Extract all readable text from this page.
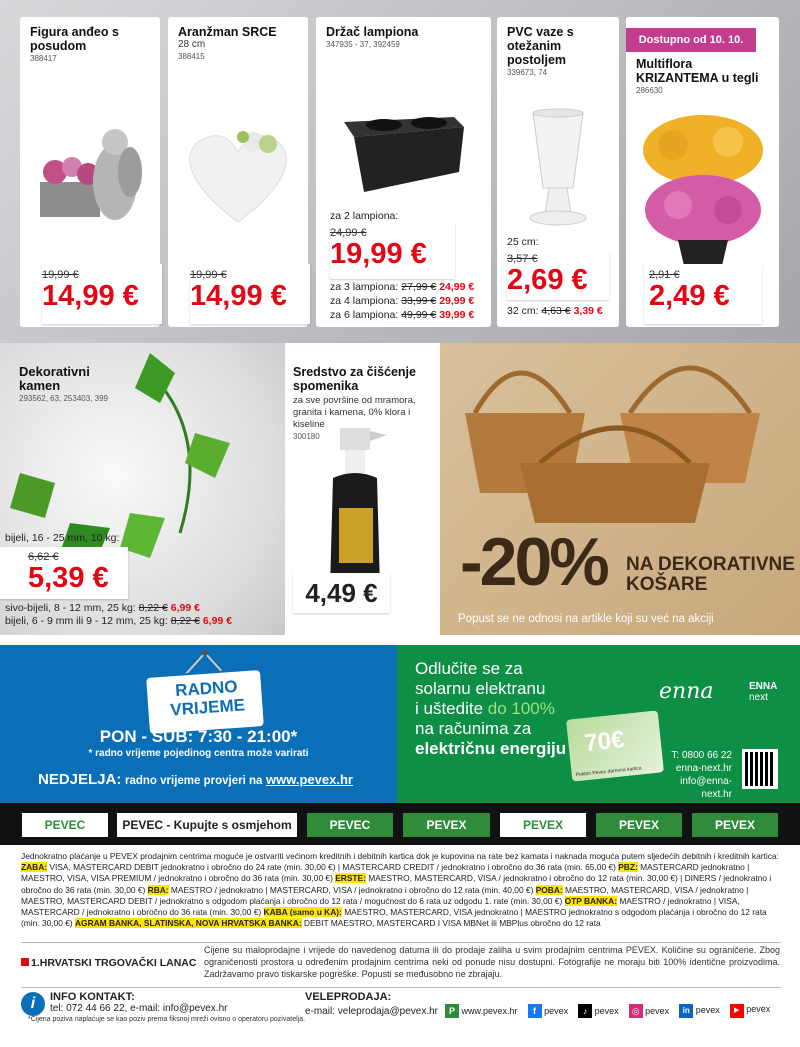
Figura anđeo s posudom
388417
19,99 €
14,99 €
Aranžman SRCE
28 cm
388415
19,99 €
14,99 €
Držač lampiona
347935 - 37, 392459
za 2 lampiona:
24,99 €
19,99 €
za 3 lampiona: 27,99 € 24,99 €
za 4 lampiona: 33,99 € 29,99 €
za 6 lampiona: 49,99 € 39,99 €
PVC vaze s otežanim postoljem
339673, 74
25 cm:
3,57 €
2,69 €
32 cm: 4,63 € 3,39 €
Multiflora KRIZANTEMA u tegli
286630
2,91 €
2,49 €
Dostupno od 10. 10.
Dekorativni kamen
293562, 63, 253403, 399
bijeli, 16 - 25 mm, 10 kg:
6,62 €
5,39 €
sivo-bijeli, 8 - 12 mm, 25 kg: 8,22 € 6,99 €
bijeli, 6 - 9 mm ili 9 - 12 mm, 25 kg: 8,22 € 6,99 €
Sredstvo za čišćenje spomenika
za sve površine od mramora, granita i kamena, 0% klora i kiseline
300180
4,49 € -20% NA DEKORATIVNE
KOŠARE
Popust se ne odnosi na artikle koji su već na akciji
RADNO
VRIJEME
PON - SUB: 7:30 - 21:00*
* radno vrijeme pojedinog centra može varirati
NEDJELJA: radno vrijeme provjeri na www.pevex.hr
Odlučite se za
solarnu elektranu
i uštedite do 100%
na računima za
električnu energiju 70€
Poklon Pevex darovna kartica
enna	ENNA
next
T: 0800 66 22
enna-next.hr
info@enna-next.hr
PEVEC	PEVEC - Kupujte s osmjehom	PEVEC	PEVEX	PEVEX	PEVEX	PEVEX
Jednokratno plaćanje u PEVEX prodajnim centrima moguće je ostvariti većinom kreditnih i debitnih kartica dok je kupovina na rate bez kamata i naknada moguća putem sljedećih debitnih i kreditnih kartica: ZABA: VISA, MASTERCARD DEBIT jednokratno i obročno do 24 rate (min. 30,00 €) | MASTERCARD CREDIT / jednokratno i obročno do 36 rata (min. 65,00 €) PBZ: MASTERCARD jednokratno | MAESTRO, VISA, VISA PREMIUM / jednokratno i obročno do 36 rata (min. 30,00 €) ERSTE: MAESTRO, MASTERCARD, VISA / jednokratno i obročno do 12 rata (min. 30,00 €) | DINERS / jednokratno i obročno do 36 rata (min. 30,00 €) RBA: MAESTRO / jednokratno | MASTERCARD, VISA / jednokratno i obročno do 12 rata (min. 40,00 €) POBA: MAESTRO, MASTERCARD, VISA / jednokratno | MAESTRO, MASTERCARD DEBIT / jednokratno s odgodom plaćanja i obročno do 12 rata / mogućnost do 6 rata uz odgodu 1. rate (min. 30,00 €) OTP BANKA: MAESTRO / jednokratno | VISA, MASTERCARD / jednokratno i obročno do 36 rata (min. 30,00 €) KABA (samo u KA): MAESTRO, MASTERCARD, VISA jednokratno | MAESTRO jednokratno s odgodom plaćanja i obročno do 12 rata (min. 30,00 €) AGRAM BANKA, SLATINSKA, NOVA HRVATSKA BANKA: DEBIT MAESTRO, MASTERCARD I VISA MBNet ili MBPlus obročno do 12 rata
1.HRVATSKI TRGOVAČKI LANAC
Cijene su maloprodajne i vrijede do navedenog datuma ili do prodaje zaliha u svim prodajnim centrima PEVEX. Količine su ograničene. Zbog ograničenosti prostora u određenim prodajnim centrima neki od ponude nisu dostupni. Fotografije ne moraju biti 100% identične proizvodima. Zadržavamo pravo tiskarske pogreške. Popusti se međusobno ne zbrajaju.
i	INFO KONTAKT:
tel: 072 44 66 22, e-mail: info@pevex.hr
*Cijena poziva naplaćuje se kao poziv prema fiksnoj mreži ovisno o operatoru pozivatelja.
VELEPRODAJA:
e-mail: veleprodaja@pevex.hr	P www.pevex.hr	f pevex	♪ pevex	◎ pevex	in pevex	▶ pevex
